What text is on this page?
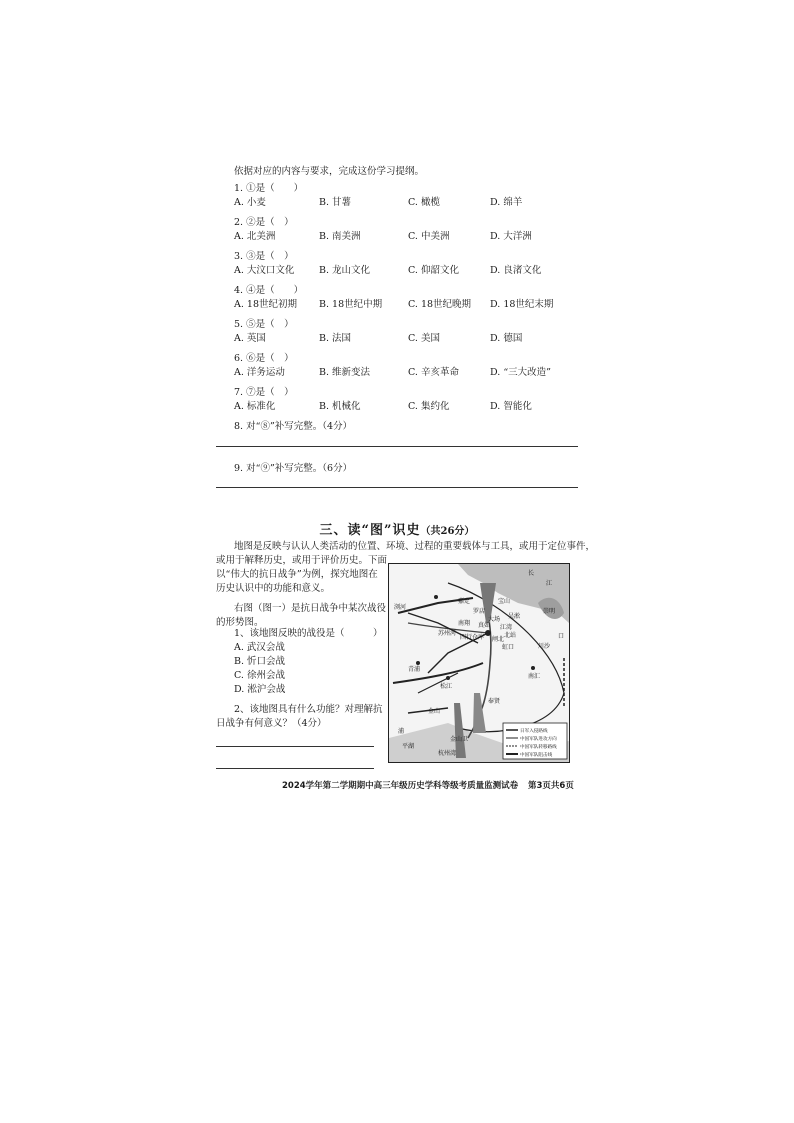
依据对应的内容与要求，完成这份学习提纲。
1. ①是（　　）
A. 小麦	B. 甘薯	C. 橄榄	D. 绵羊
2. ②是（　）
A. 北美洲	B. 南美洲	C. 中美洲	D. 大洋洲
3. ③是（　）
A. 大汶口文化	B. 龙山文化	C. 仰韶文化	D. 良渚文化
4. ④是（　　）
A. 18世纪初期 B. 18世纪中期	C. 18世纪晚期 D. 18世纪末期
5. ⑤是（　）
A. 英国	B. 法国	C. 美国	D. 德国
6. ⑥是（　）
A. 洋务运动	B. 维新变法	C. 辛亥革命	D. “三大改造”
7. ⑦是（　）
A. 标准化	B. 机械化	C. 集约化	D. 智能化
8. 对“⑧”补写完整。（4分）
9. 对“⑨”补写完整。（6分）
三、读“图”识史（共26分）
地图是反映与认认人类活动的位置、环境、过程的重要载体与工具，或用于定位事件，
或用于解释历史，或用于评价历史。下面
以“伟大的抗日战争”为例，探究地图在
历史认识中的功能和意义。
右图（图一）是抗日战争中某次战役
的形势图。
1、该地图反映的战役是（　　　）
A. 武汉会战
B. 忻口会战
C. 徐州会战
D. 淞沪会战
2、该地图具有什么功能？对理解抗
日战争有何意义？（4分）
浏河
嘉定	宝山
罗店
吴淞
南翔 真如
大场
江湾
闸北
虹口
四行仓库
苏州河	北站
青浦
松江
南汇
川沙
奉贤
金山
平湖
杭州湾
金山卫
长
江
口
崇明
浦	日军入侵路线
中国军队进攻方向
中国军队转移路线
中国军队阻击线
2024学年第二学期期中高三年级历史学科等级考质量监测试卷 第3页共6页
